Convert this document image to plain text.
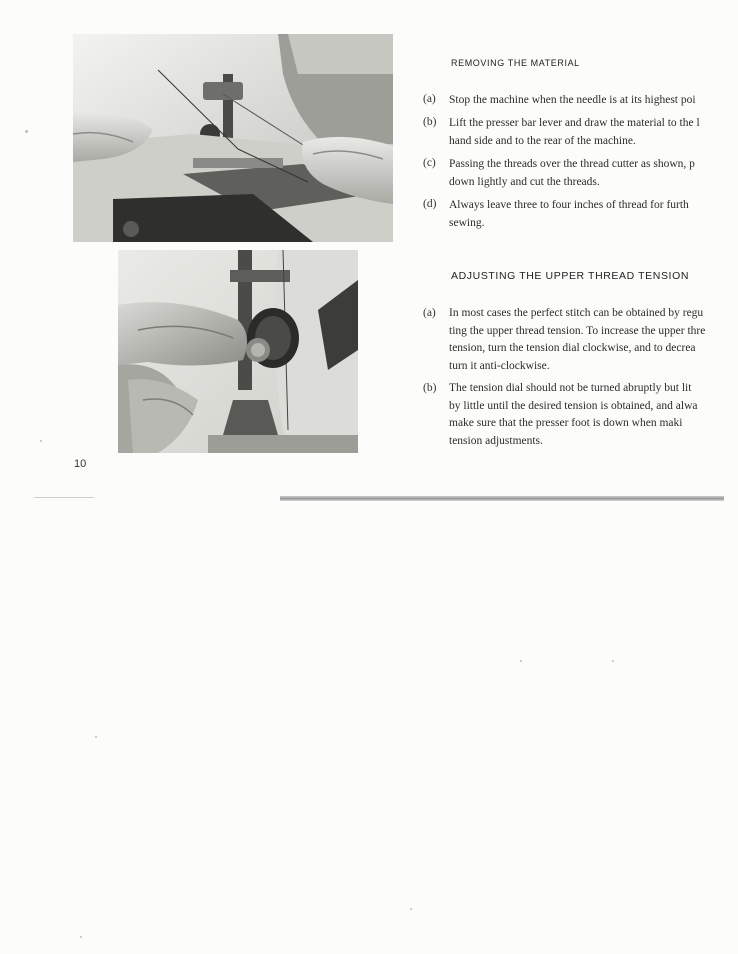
REMOVING THE MATERIAL
(a) Stop the machine when the needle is at its highest poi
(b) Lift the presser bar lever and draw the material to the l
hand side and to the rear of the machine.
(c) Passing the threads over the thread cutter as shown, p
down lightly and cut the threads.
(d) Always leave three to four inches of thread for furth
sewing.
ADJUSTING THE UPPER THREAD TENSION
(a) In most cases the perfect stitch can be obtained by regu
ting the upper thread tension. To increase the upper thre
tension, turn the tension dial clockwise, and to decrea
turn it anti-clockwise.
(b) The tension dial should not be turned abruptly but lit
by little until the desired tension is obtained, and alwa
make sure that the presser foot is down when maki
tension adjustments.
10
